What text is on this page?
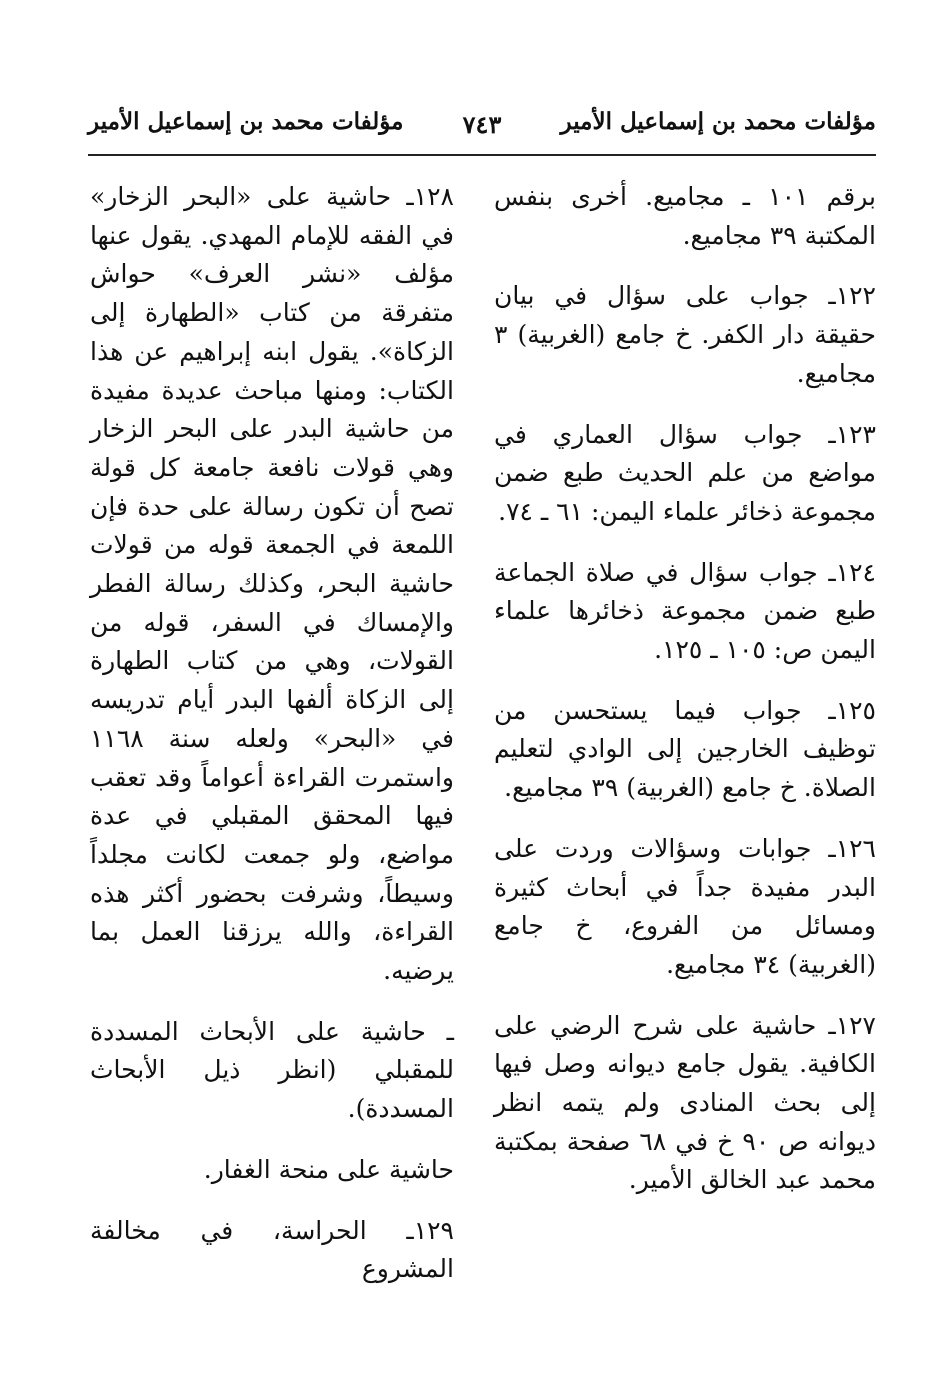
مؤلفات محمد بن إسماعيل الأمير
٧٤٣
مؤلفات محمد بن إسماعيل الأمير

برقم ١٠١ ـ مجاميع. أخرى بنفس المكتبة ٣٩ مجاميع.

١٢٢ـ جواب على سؤال في بيان حقيقة دار الكفر. خ جامع (الغربية) ٣ مجاميع.

١٢٣ـ جواب سؤال العماري في مواضع من علم الحديث طبع ضمن مجموعة ذخائر علماء اليمن: ٦١ ـ ٧٤.

١٢٤ـ جواب سؤال في صلاة الجماعة طبع ضمن مجموعة ذخائرها علماء اليمن ص: ١٠٥ ـ ١٢٥.

١٢٥ـ جواب فيما يستحسن من توظيف الخارجين إلى الوادي لتعليم الصلاة. خ جامع (الغربية) ٣٩ مجاميع.

١٢٦ـ جوابات وسؤالات وردت على البدر مفيدة جداً في أبحاث كثيرة ومسائل من الفروع، خ جامع (الغربية) ٣٤ مجاميع.

١٢٧ـ حاشية على شرح الرضي على الكافية. يقول جامع ديوانه وصل فيها إلى بحث المنادى ولم يتمه انظر ديوانه ص ٩٠ خ في ٦٨ صفحة بمكتبة محمد عبد الخالق الأمير.

١٢٨ـ حاشية على «البحر الزخار» في الفقه للإمام المهدي. يقول عنها مؤلف «نشر العرف» حواش متفرقة من كتاب «الطهارة إلى الزكاة». يقول ابنه إبراهيم عن هذا الكتاب: ومنها مباحث عديدة مفيدة من حاشية البدر على البحر الزخار وهي قولات نافعة جامعة كل قولة تصح أن تكون رسالة على حدة فإن اللمعة في الجمعة قوله من قولات حاشية البحر، وكذلك رسالة الفطر والإمساك في السفر، قوله من القولات، وهي من كتاب الطهارة إلى الزكاة ألفها البدر أيام تدريسه في «البحر» ولعله سنة ١١٦٨ واستمرت القراءة أعواماً وقد تعقب فيها المحقق المقبلي في عدة مواضع، ولو جمعت لكانت مجلداً وسيطاً، وشرفت بحضور أكثر هذه القراءة، والله يرزقنا العمل بما يرضيه.

ـ حاشية على الأبحاث المسددة للمقبلي (انظر ذيل الأبحاث المسددة).

حاشية على منحة الغفار.

١٢٩ـ الحراسة، في مخالفة المشروع
